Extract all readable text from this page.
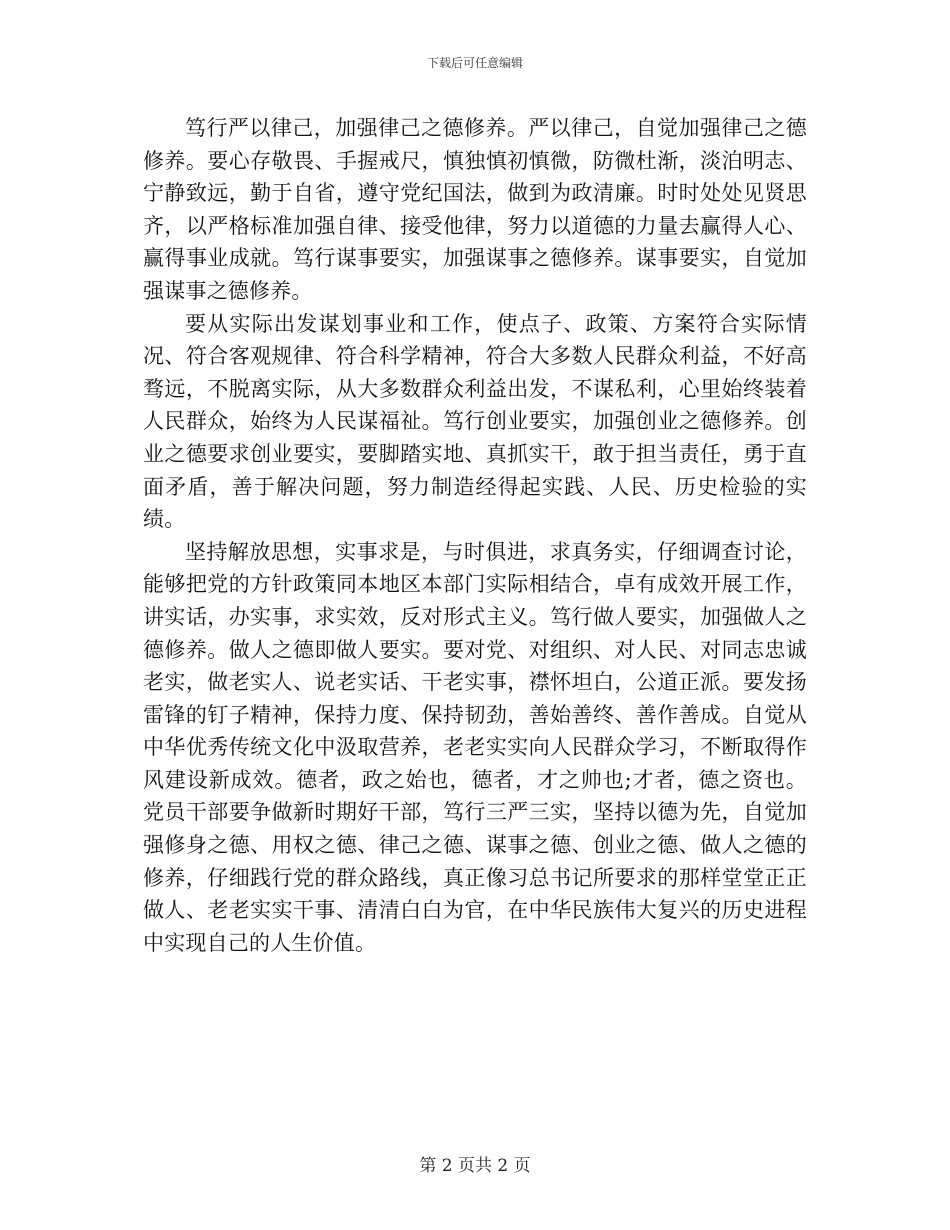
下载后可任意编辑

笃行严以律己，加强律己之德修养。严以律己，自觉加强律己之德修养。要心存敬畏、手握戒尺，慎独慎初慎微，防微杜渐，淡泊明志、宁静致远，勤于自省，遵守党纪国法，做到为政清廉。时时处处见贤思齐，以严格标准加强自律、接受他律，努力以道德的力量去赢得人心、赢得事业成就。笃行谋事要实，加强谋事之德修养。谋事要实，自觉加强谋事之德修养。

要从实际出发谋划事业和工作，使点子、政策、方案符合实际情况、符合客观规律、符合科学精神，符合大多数人民群众利益，不好高骛远，不脱离实际，从大多数群众利益出发，不谋私利，心里始终装着人民群众，始终为人民谋福祉。笃行创业要实，加强创业之德修养。创业之德要求创业要实，要脚踏实地、真抓实干，敢于担当责任，勇于直面矛盾，善于解决问题，努力制造经得起实践、人民、历史检验的实绩。

坚持解放思想，实事求是，与时俱进，求真务实，仔细调查讨论，能够把党的方针政策同本地区本部门实际相结合，卓有成效开展工作，讲实话，办实事，求实效，反对形式主义。笃行做人要实，加强做人之德修养。做人之德即做人要实。要对党、对组织、对人民、对同志忠诚老实，做老实人、说老实话、干老实事，襟怀坦白，公道正派。要发扬雷锋的钉子精神，保持力度、保持韧劲，善始善终、善作善成。自觉从中华优秀传统文化中汲取营养，老老实实向人民群众学习，不断取得作风建设新成效。德者，政之始也，德者，才之帅也;才者，德之资也。党员干部要争做新时期好干部，笃行三严三实，坚持以德为先，自觉加强修身之德、用权之德、律己之德、谋事之德、创业之德、做人之德的修养，仔细践行党的群众路线，真正像习总书记所要求的那样堂堂正正做人、老老实实干事、清清白白为官，在中华民族伟大复兴的历史进程中实现自己的人生价值。

第 2 页共 2 页
